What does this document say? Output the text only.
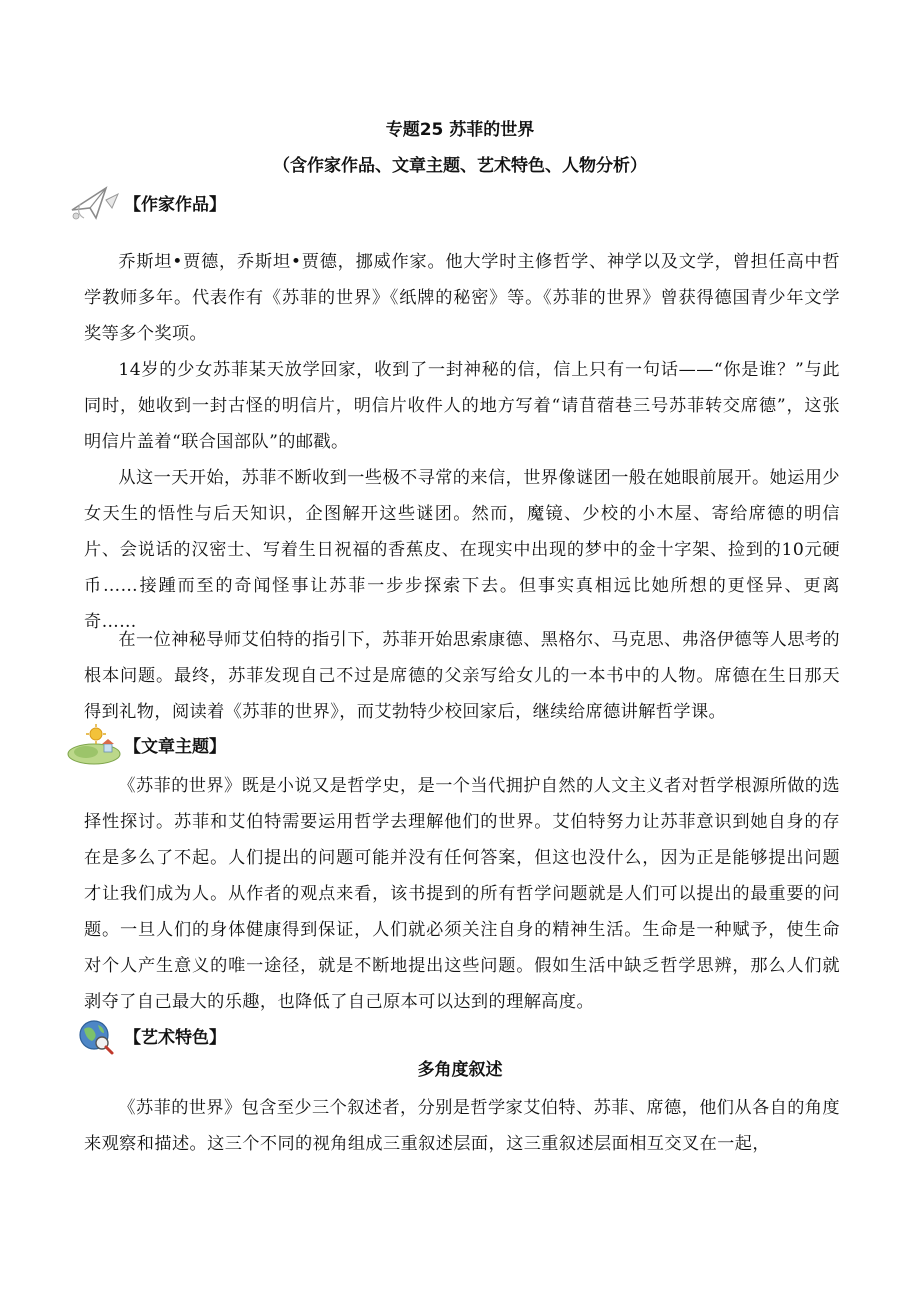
专题25 苏菲的世界
（含作家作品、文章主题、艺术特色、人物分析）
【作家作品】

乔斯坦•贾德，乔斯坦•贾德，挪威作家。他大学时主修哲学、神学以及文学，曾担任高中哲学教师多年。代表作有《苏菲的世界》《纸牌的秘密》等。《苏菲的世界》曾获得德国青少年文学奖等多个奖项。

14岁的少女苏菲某天放学回家，收到了一封神秘的信，信上只有一句话——“你是谁？”与此同时，她收到一封古怪的明信片，明信片收件人的地方写着“请苜蓿巷三号苏菲转交席德”，这张明信片盖着“联合国部队”的邮戳。

从这一天开始，苏菲不断收到一些极不寻常的来信，世界像谜团一般在她眼前展开。她运用少女天生的悟性与后天知识，企图解开这些谜团。然而，魔镜、少校的小木屋、寄给席德的明信片、会说话的汉密士、写着生日祝福的香蕉皮、在现实中出现的梦中的金十字架、捡到的10元硬币……接踵而至的奇闻怪事让苏菲一步步探索下去。但事实真相远比她所想的更怪异、更离奇……

在一位神秘导师艾伯特的指引下，苏菲开始思索康德、黑格尔、马克思、弗洛伊德等人思考的根本问题。最终，苏菲发现自己不过是席德的父亲写给女儿的一本书中的人物。席德在生日那天得到礼物，阅读着《苏菲的世界》，而艾勃特少校回家后，继续给席德讲解哲学课。

【文章主题】

《苏菲的世界》既是小说又是哲学史，是一个当代拥护自然的人文主义者对哲学根源所做的选择性探讨。苏菲和艾伯特需要运用哲学去理解他们的世界。艾伯特努力让苏菲意识到她自身的存在是多么了不起。人们提出的问题可能并没有任何答案，但这也没什么，因为正是能够提出问题才让我们成为人。从作者的观点来看，该书提到的所有哲学问题就是人们可以提出的最重要的问题。一旦人们的身体健康得到保证，人们就必须关注自身的精神生活。生命是一种赋予，使生命对个人产生意义的唯一途径，就是不断地提出这些问题。假如生活中缺乏哲学思辨，那么人们就剥夺了自己最大的乐趣，也降低了自己原本可以达到的理解高度。

【艺术特色】
多角度叙述

《苏菲的世界》包含至少三个叙述者，分别是哲学家艾伯特、苏菲、席德，他们从各自的角度来观察和描述。这三个不同的视角组成三重叙述层面，这三重叙述层面相互交叉在一起，
